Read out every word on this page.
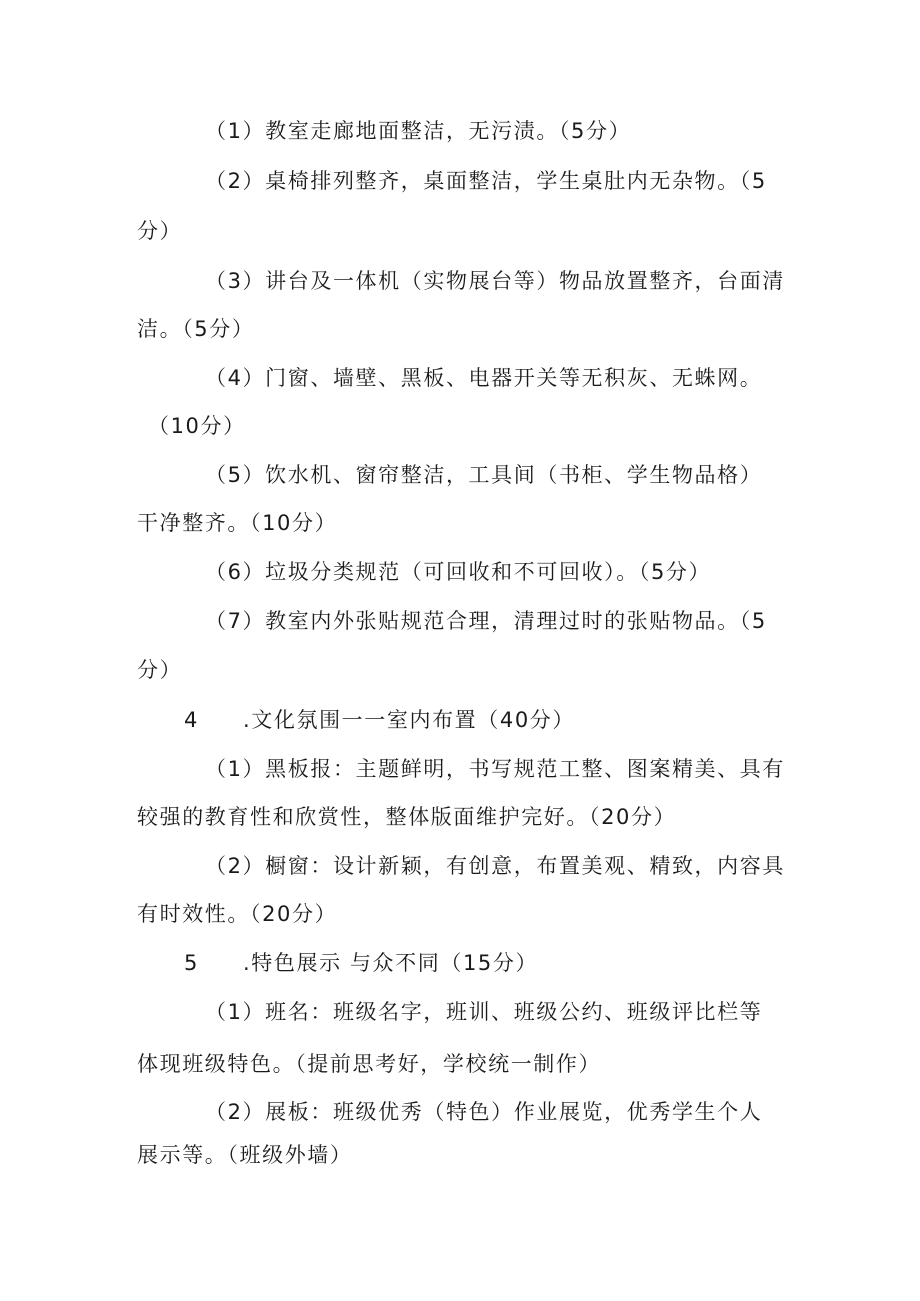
（1）教室走廊地面整洁，无污渍。（5分）
（2）桌椅排列整齐，桌面整洁，学生桌肚内无杂物。（5
分）
（3）讲台及一体机（实物展台等）物品放置整齐，台面清
洁。（5分）
（4）门窗、墙壁、黑板、电器开关等无积灰、无蛛网。
（10分）
（5）饮水机、窗帘整洁，工具间（书柜、学生物品格）
干净整齐。（10分）
（6）垃圾分类规范（可回收和不可回收）。（5分）
（7）教室内外张贴规范合理，清理过时的张贴物品。（5
分）
4 .文化氛围一一室内布置（40分）
（1）黑板报：主题鲜明，书写规范工整、图案精美、具有
较强的教育性和欣赏性，整体版面维护完好。（20分）
（2）橱窗：设计新颖，有创意，布置美观、精致，内容具
有时效性。（20分）
5 .特色展示 与众不同（15分）
（1）班名：班级名字，班训、班级公约、班级评比栏等
体现班级特色。（提前思考好，学校统一制作）
（2）展板：班级优秀（特色）作业展览，优秀学生个人
展示等。（班级外墙）
